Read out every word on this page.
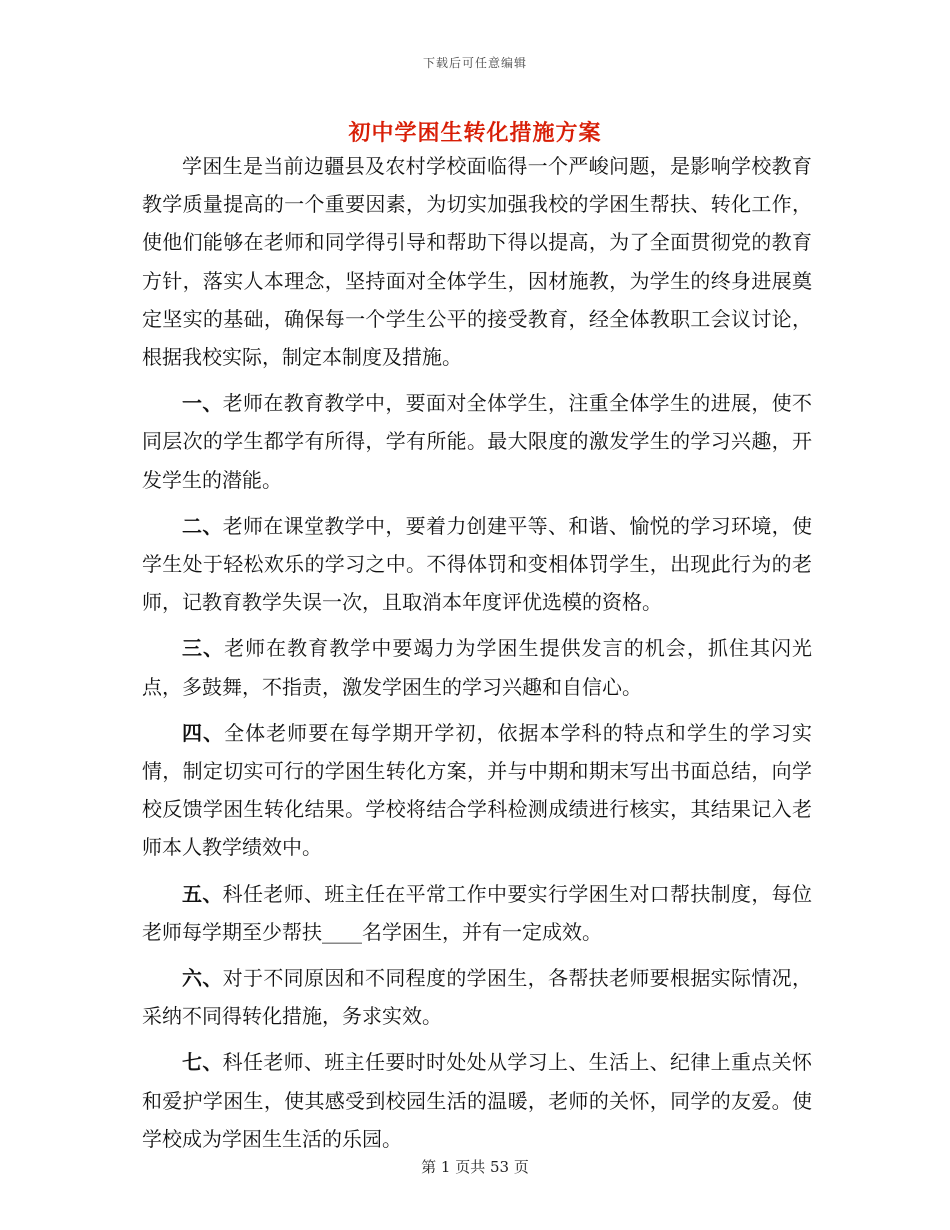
下载后可任意编辑
初中学困生转化措施方案

学困生是当前边疆县及农村学校面临得一个严峻问题，是影响学校教育教学质量提高的一个重要因素，为切实加强我校的学困生帮扶、转化工作，使他们能够在老师和同学得引导和帮助下得以提高，为了全面贯彻党的教育方针，落实人本理念，坚持面对全体学生，因材施教，为学生的终身进展奠定坚实的基础，确保每一个学生公平的接受教育，经全体教职工会议讨论，根据我校实际，制定本制度及措施。

一、老师在教育教学中，要面对全体学生，注重全体学生的进展，使不同层次的学生都学有所得，学有所能。最大限度的激发学生的学习兴趣，开发学生的潜能。

二、老师在课堂教学中，要着力创建平等、和谐、愉悦的学习环境，使学生处于轻松欢乐的学习之中。不得体罚和变相体罚学生，出现此行为的老师，记教育教学失误一次，且取消本年度评优选模的资格。

三、老师在教育教学中要竭力为学困生提供发言的机会，抓住其闪光点，多鼓舞，不指责，激发学困生的学习兴趣和自信心。

四、全体老师要在每学期开学初，依据本学科的特点和学生的学习实情，制定切实可行的学困生转化方案，并与中期和期末写出书面总结，向学校反馈学困生转化结果。学校将结合学科检测成绩进行核实，其结果记入老师本人教学绩效中。

五、科任老师、班主任在平常工作中要实行学困生对口帮扶制度，每位老师每学期至少帮扶____名学困生，并有一定成效。

六、对于不同原因和不同程度的学困生，各帮扶老师要根据实际情况，采纳不同得转化措施，务求实效。

七、科任老师、班主任要时时处处从学习上、生活上、纪律上重点关怀和爱护学困生，使其感受到校园生活的温暖，老师的关怀，同学的友爱。使学校成为学困生生活的乐园。

第 1 页共 53 页
